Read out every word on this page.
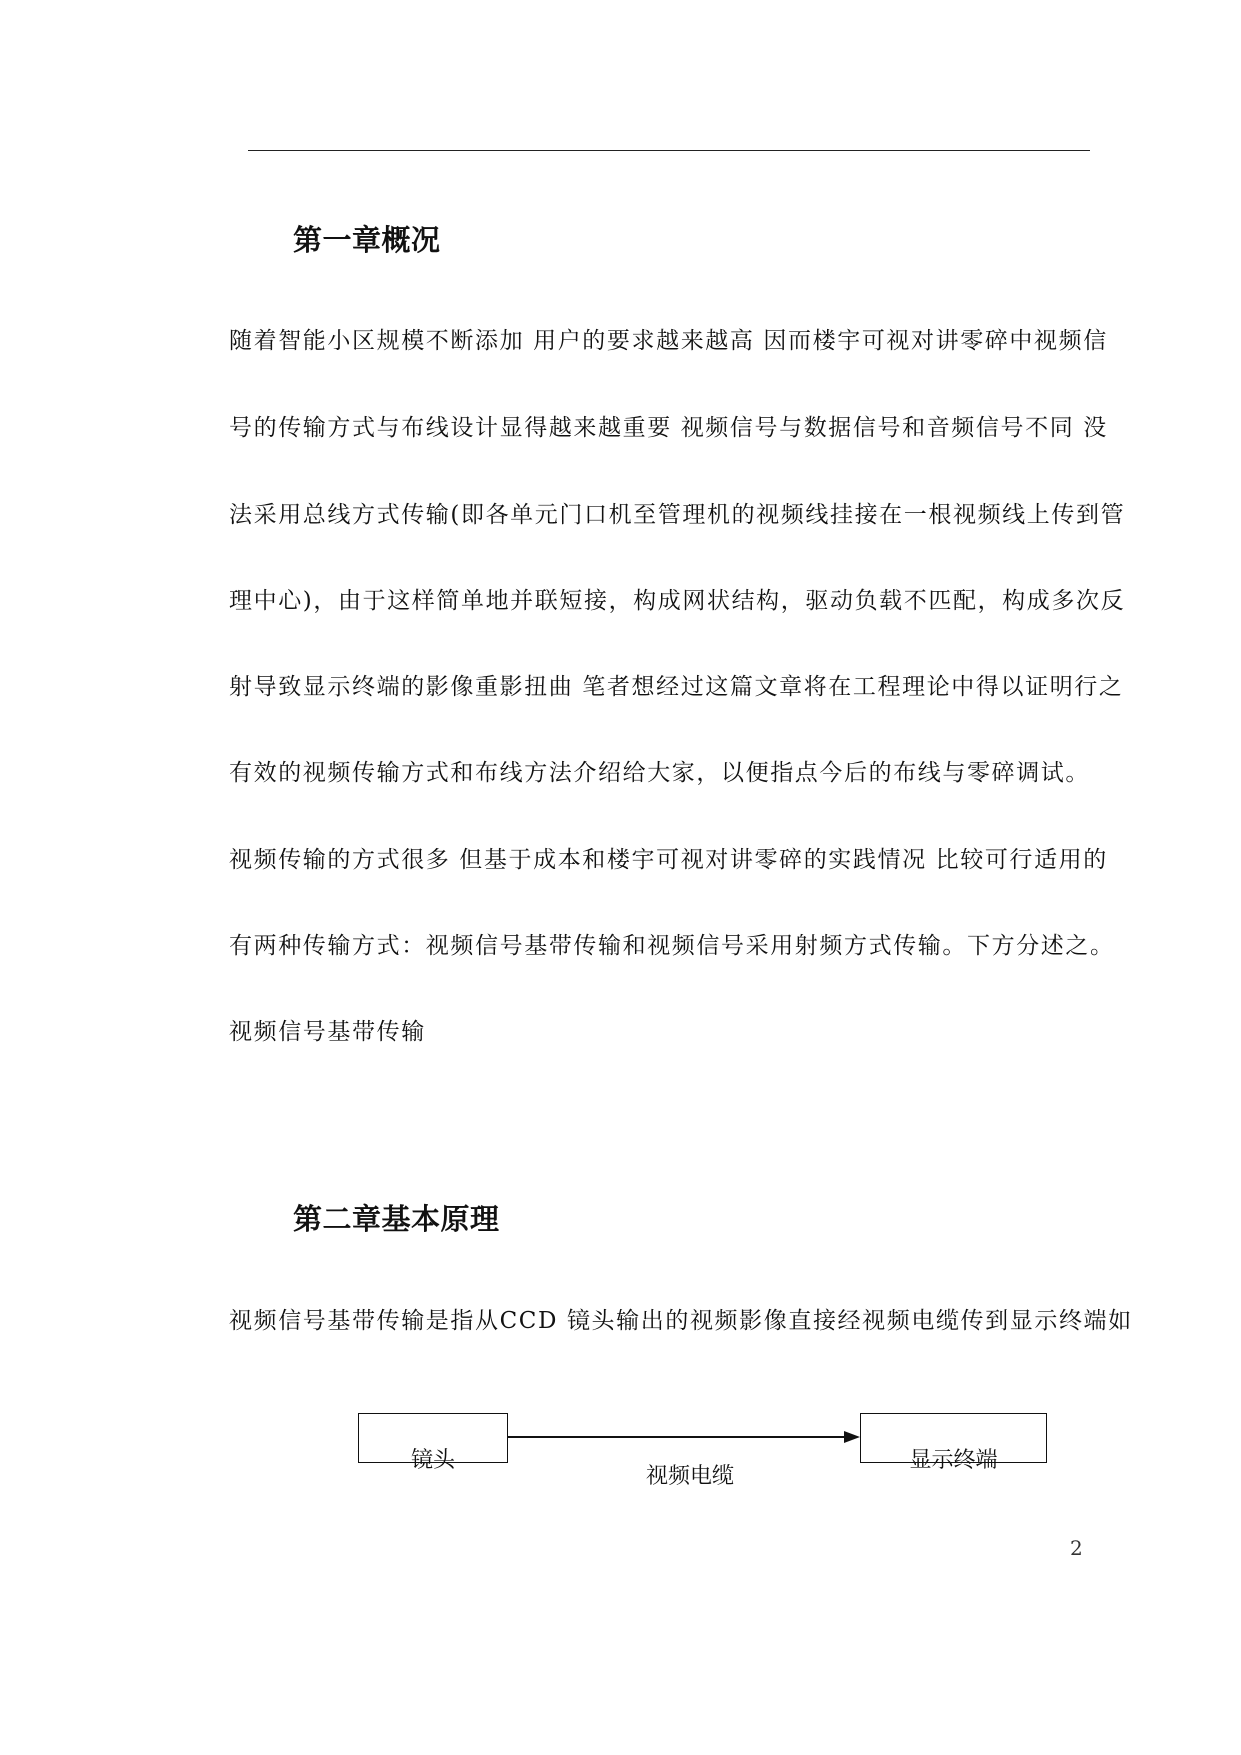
第一章概况

随着智能小区规模不断添加 用户的要求越来越高 因而楼宇可视对讲零碎中视频信

号的传输方式与布线设计显得越来越重要 视频信号与数据信号和音频信号不同 没

法采用总线方式传输(即各单元门口机至管理机的视频线挂接在一根视频线上传到管

理中心)，由于这样简单地并联短接，构成网状结构，驱动负载不匹配，构成多次反

射导致显示终端的影像重影扭曲 笔者想经过这篇文章将在工程理论中得以证明行之

有效的视频传输方式和布线方法介绍给大家，以便指点今后的布线与零碎调试。

视频传输的方式很多 但基于成本和楼宇可视对讲零碎的实践情况 比较可行适用的

有两种传输方式：视频信号基带传输和视频信号采用射频方式传输。下方分述之。

视频信号基带传输

第二章基本原理

视频信号基带传输是指从CCD 镜头输出的视频影像直接经视频电缆传到显示终端如

镜头	显示终端
视频电缆
2
